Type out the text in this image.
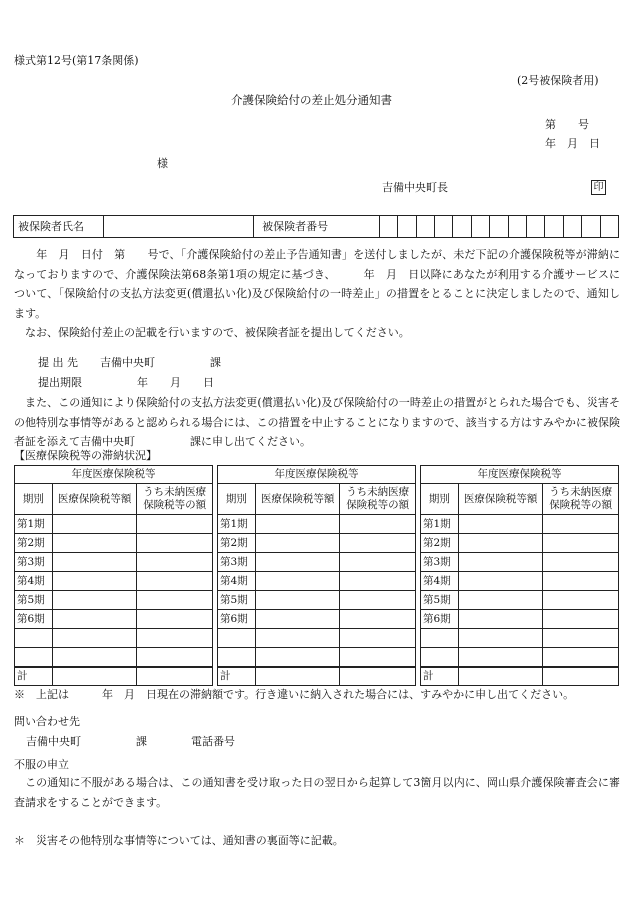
様式第12号(第17条関係)
(2号被保険者用)
介護保険給付の差止処分通知書
第　　号
年　月　日
様
吉備中央町長	印
被保険者氏名		被保険者番号													
　　年　月　日付　第　　号で、「介護保険給付の差止予告通知書」を送付しましたが、未だ下記の介護保険税等が滞納になっておりますので、介護保険法第68条第1項の規定に基づき、　　　年　月　日以降にあなたが利用する介護サービスについて、「保険給付の支払方法変更(償還払い化)及び保険給付の一時差止」の措置をとることに決定しましたので、通知します。
　なお、保険給付差止の記載を行いますので、被保険者証を提出してください。
提 出 先　　吉備中央町　　　　　課
提出期限　　　　　年　　月　　日
　また、この通知により保険給付の支払方法変更(償還払い化)及び保険給付の一時差止の措置がとられた場合でも、災害その他特別な事情等があると認められる場合には、この措置を中止することになりますので、該当する方はすみやかに被保険者証を添えて吉備中央町　　　　　課に申し出てください。
【医療保険税等の滞納状況】
年度医療保険税等		
期別	医療保険税等額	うち未納医療保険税等の額
第1期		
第2期		
第3期		
第4期		
第5期		
第6期		

計		
年度医療保険税等		
期別	医療保険税等額	うち未納医療保険税等の額
第1期		
第2期		
第3期		
第4期		
第5期		
第6期		

計		
年度医療保険税等		
期別	医療保険税等額	うち未納医療保険税等の額
第1期		
第2期		
第3期		
第4期		
第5期		
第6期		

計		
※　上記は　　　年　月　日現在の滞納額です。行き違いに納入された場合には、すみやかに申し出てください。
問い合わせ先
吉備中央町　　　　　課　　　　電話番号
不服の申立
　この通知に不服がある場合は、この通知書を受け取った日の翌日から起算して3箇月以内に、岡山県介護保険審査会に審査請求をすることができます。
＊　災害その他特別な事情等については、通知書の裏面等に記載。
